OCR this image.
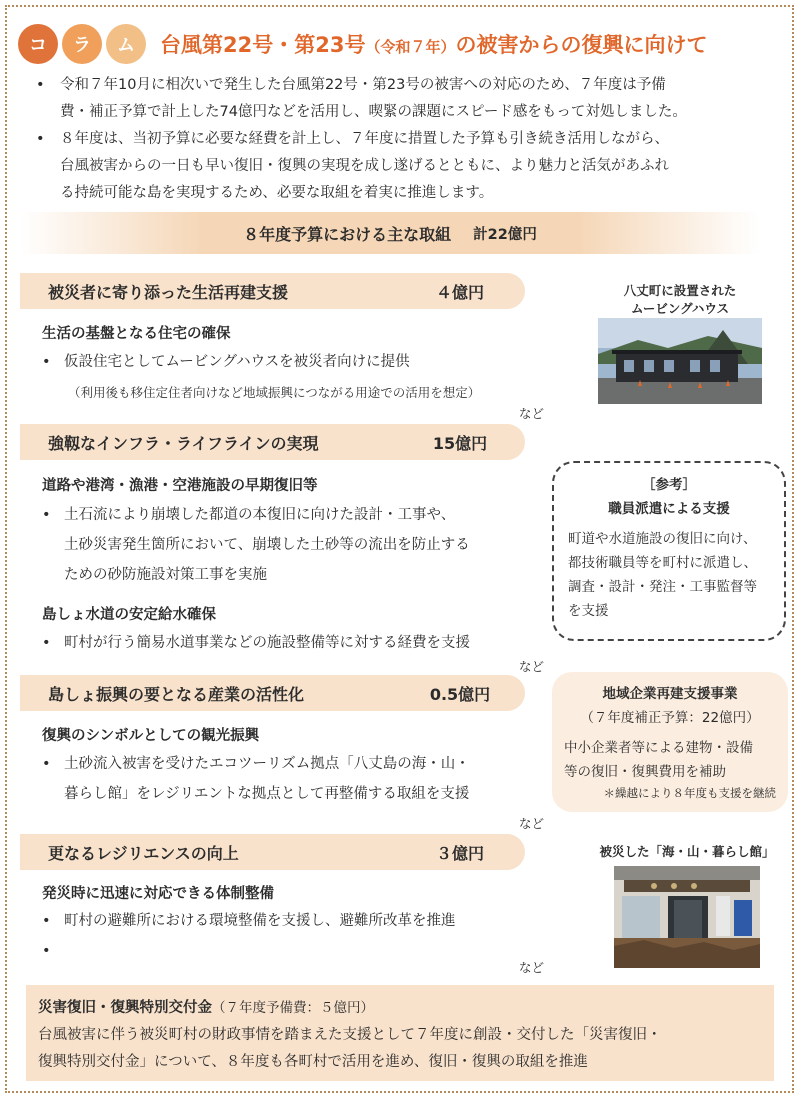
コ	ラ	ム	台風第22号・第23号（令和７年）の被害からの復興に向けて
• 令和７年10月に相次いで発生した台風第22号・第23号の被害への対応のため、７年度は予備
費・補正予算で計上した74億円などを活用し、喫緊の課題にスピード感をもって対処しました。
• ８年度は、当初予算に必要な経費を計上し、７年度に措置した予算も引き続き活用しながら、
台風被害からの一日も早い復旧・復興の実現を成し遂げるとともに、より魅力と活気があふれ
る持続可能な島を実現するため、必要な取組を着実に推進します。
８年度予算における主な取組 計22億円
被災者に寄り添った生活再建支援	４億円
生活の基盤となる住宅の確保
• 仮設住宅としてムービングハウスを被災者向けに提供
（利用後も移住定住者向けなど地域振興につながる用途での活用を想定）
など
強靱なインフラ・ライフラインの実現	15億円
道路や港湾・漁港・空港施設の早期復旧等
• 土石流により崩壊した都道の本復旧に向けた設計・工事や、
土砂災害発生箇所において、崩壊した土砂等の流出を防止する
ための砂防施設対策工事を実施
島しょ水道の安定給水確保
• 町村が行う簡易水道事業などの施設整備等に対する経費を支援
など
島しょ振興の要となる産業の活性化	0.5億円
復興のシンボルとしての観光振興
• 土砂流入被害を受けたエコツーリズム拠点「八丈島の海・山・
暮らし館」をレジリエントな拠点として再整備する取組を支援
など
更なるレジリエンスの向上	３億円
発災時に迅速に対応できる体制整備
• 町村の避難所における環境整備を支援し、避難所改革を推進
•
など
八丈町に設置された
ムービングハウス
［参考］
職員派遣による支援
町道や水道施設の復旧に向け、
都技術職員等を町村に派遣し、
調査・設計・発注・工事監督等
を支援
地域企業再建支援事業
（７年度補正予算：22億円）
中小企業者等による建物・設備
等の復旧・復興費用を補助
＊繰越により８年度も支援を継続
被災した「海・山・暮らし館」
災害復旧・復興特別交付金（７年度予備費：５億円）
台風被害に伴う被災町村の財政事情を踏まえた支援として７年度に創設・交付した「災害復旧・
復興特別交付金」について、８年度も各町村で活用を進め、復旧・復興の取組を推進
